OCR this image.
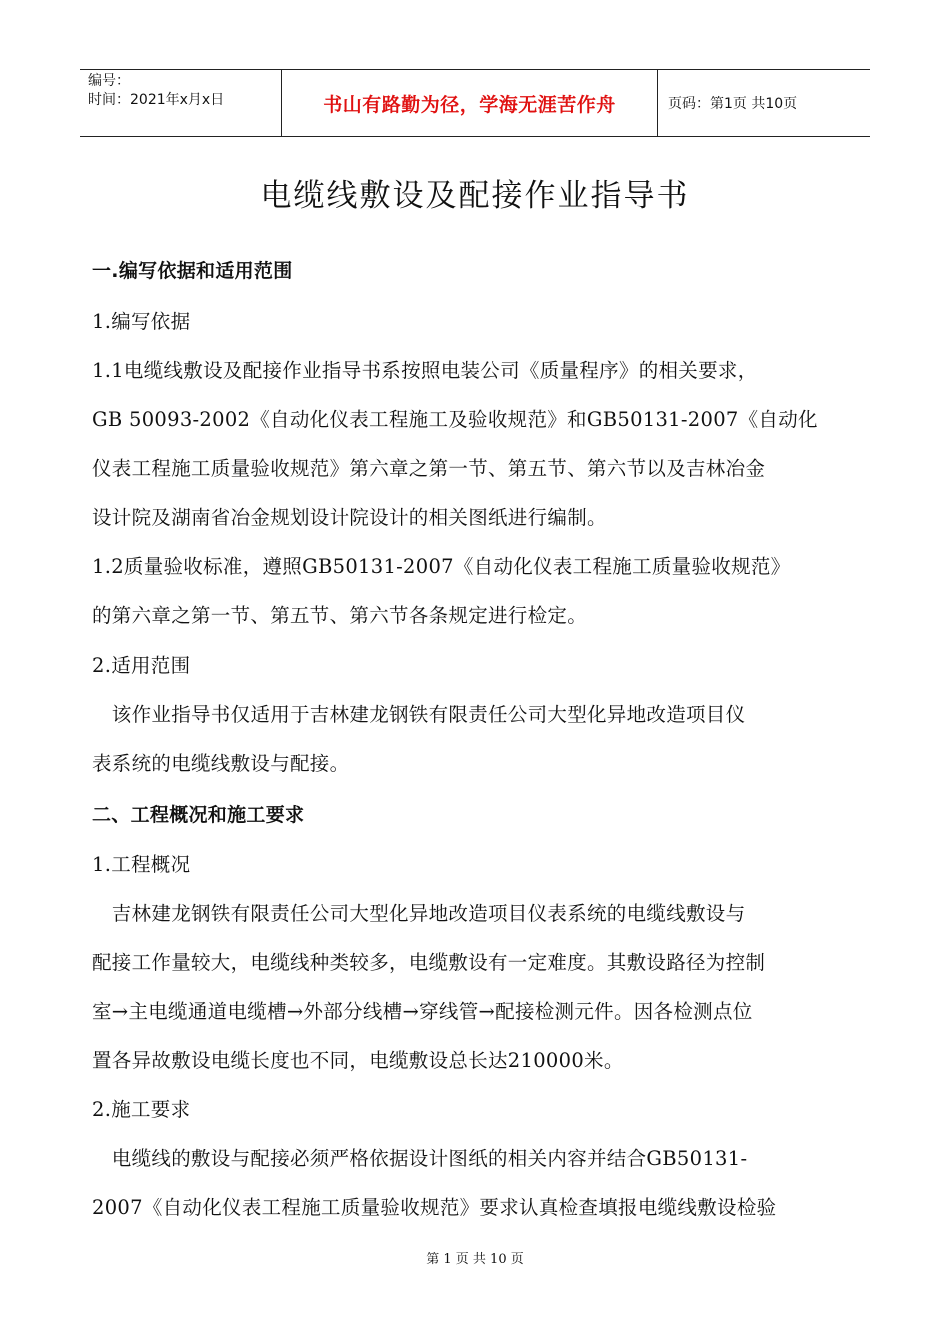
编号：
时间：2021年x月x日	书山有路勤为径，学海无涯苦作舟	页码：第1页 共10页
电缆线敷设及配接作业指导书
一.编写依据和适用范围
1.编写依据
1.1电缆线敷设及配接作业指导书系按照电装公司《质量程序》的相关要求，
GB 50093-2002《自动化仪表工程施工及验收规范》和GB50131-2007《自动化
仪表工程施工质量验收规范》第六章之第一节、第五节、第六节以及吉林冶金
设计院及湖南省冶金规划设计院设计的相关图纸进行编制。
1.2质量验收标准，遵照GB50131-2007《自动化仪表工程施工质量验收规范》
的第六章之第一节、第五节、第六节各条规定进行检定。
2.适用范围
　该作业指导书仅适用于吉林建龙钢铁有限责任公司大型化异地改造项目仪
表系统的电缆线敷设与配接。
二、工程概况和施工要求
1.工程概况
　吉林建龙钢铁有限责任公司大型化异地改造项目仪表系统的电缆线敷设与
配接工作量较大，电缆线种类较多，电缆敷设有一定难度。其敷设路径为控制
室→主电缆通道电缆槽→外部分线槽→穿线管→配接检测元件。因各检测点位
置各异故敷设电缆长度也不同，电缆敷设总长达210000米。
2.施工要求
　电缆线的敷设与配接必须严格依据设计图纸的相关内容并结合GB50131-
2007《自动化仪表工程施工质量验收规范》要求认真检查填报电缆线敷设检验
第 1 页 共 10 页
